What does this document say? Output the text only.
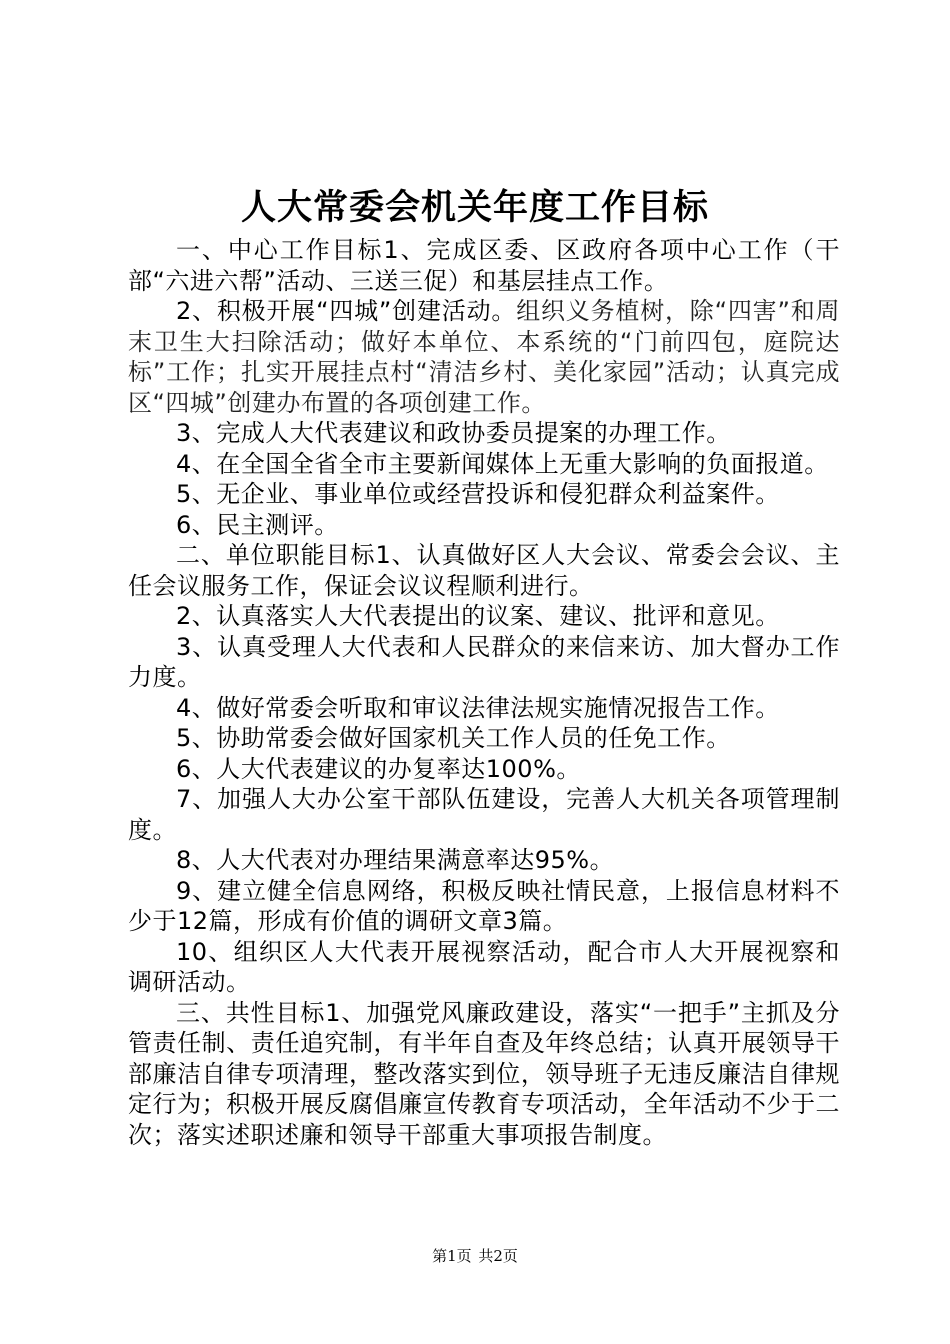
人大常委会机关年度工作目标

一、中心工作目标1、完成区委、区政府各项中心工作（干部“六进六帮”活动、三送三促）和基层挂点工作。

2、积极开展“四城”创建活动。组织义务植树，除“四害”和周末卫生大扫除活动；做好本单位、本系统的“门前四包，庭院达标”工作；扎实开展挂点村“清洁乡村、美化家园”活动；认真完成区“四城”创建办布置的各项创建工作。

3、完成人大代表建议和政协委员提案的办理工作。

4、在全国全省全市主要新闻媒体上无重大影响的负面报道。

5、无企业、事业单位或经营投诉和侵犯群众利益案件。

6、民主测评。

二、单位职能目标1、认真做好区人大会议、常委会会议、主任会议服务工作，保证会议议程顺利进行。

2、认真落实人大代表提出的议案、建议、批评和意见。

3、认真受理人大代表和人民群众的来信来访、加大督办工作力度。

4、做好常委会听取和审议法律法规实施情况报告工作。

5、协助常委会做好国家机关工作人员的任免工作。

6、人大代表建议的办复率达100%。

7、加强人大办公室干部队伍建设，完善人大机关各项管理制度。

8、人大代表对办理结果满意率达95%。

9、建立健全信息网络，积极反映社情民意，上报信息材料不少于12篇，形成有价值的调研文章3篇。

10、组织区人大代表开展视察活动，配合市人大开展视察和调研活动。

三、共性目标1、加强党风廉政建设，落实“一把手”主抓及分管责任制、责任追究制，有半年自查及年终总结；认真开展领导干部廉洁自律专项清理，整改落实到位，领导班子无违反廉洁自律规定行为；积极开展反腐倡廉宣传教育专项活动，全年活动不少于二次；落实述职述廉和领导干部重大事项报告制度。

第1页 共2页
